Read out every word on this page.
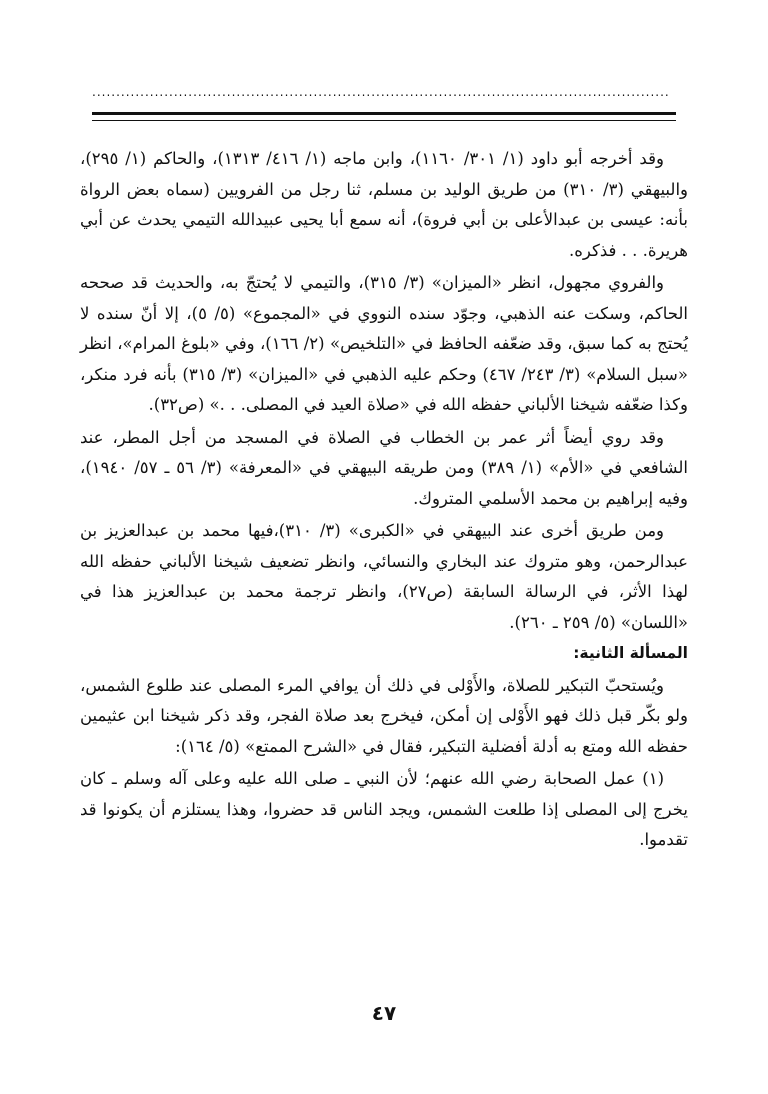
........................................................................................................................

وقد أخرجه أبو داود (١/ ٣٠١/ ١١٦٠)، وابن ماجه (١/ ٤١٦/ ١٣١٣)، والحاكم (١/ ٢٩٥)، والبيهقي (٣/ ٣١٠) من طريق الوليد بن مسلم، ثنا رجل من الفرويين (سماه بعض الرواة بأنه: عيسى بن عبدالأعلى بن أبي فروة)، أنه سمع أبا يحيى عبيدالله التيمي يحدث عن أبي هريرة. . . فذكره.

والفروي مجهول، انظر «الميزان» (٣/ ٣١٥)، والتيمي لا يُحتجّ به، والحديث قد صححه الحاكم، وسكت عنه الذهبي، وجوّد سنده النووي في «المجموع» (٥/ ٥)، إلا أنّ سنده لا يُحتج به كما سبق، وقد ضعّفه الحافظ في «التلخيص» (٢/ ١٦٦)، وفي «بلوغ المرام»، انظر «سبل السلام» (٣/ ٢٤٣/ ٤٦٧) وحكم عليه الذهبي في «الميزان» (٣/ ٣١٥) بأنه فرد منكر، وكذا ضعّفه شيخنا الألباني حفظه الله في «صلاة العيد في المصلى. . .» (ص٣٢).

وقد روي أيضاً أثر عمر بن الخطاب في الصلاة في المسجد من أجل المطر، عند الشافعي في «الأم» (١/ ٣٨٩) ومن طريقه البيهقي في «المعرفة» (٣/ ٥٦ ـ ٥٧/ ١٩٤٠)، وفيه إبراهيم بن محمد الأسلمي المتروك.

ومن طريق أخرى عند البيهقي في «الكبرى» (٣/ ٣١٠)،فيها محمد بن عبدالعزيز بن عبدالرحمن، وهو متروك عند البخاري والنسائي، وانظر تضعيف شيخنا الألباني حفظه الله لهذا الأثر، في الرسالة السابقة (ص٢٧)، وانظر ترجمة محمد بن عبدالعزيز هذا في «اللسان» (٥/ ٢٥٩ ـ ٢٦٠).

المسألة الثانية:

ويُستحبّ التبكير للصلاة، والأَوْلى في ذلك أن يوافي المرء المصلى عند طلوع الشمس، ولو بكّر قبل ذلك فهو الأَوْلى إن أمكن، فيخرج بعد صلاة الفجر، وقد ذكر شيخنا ابن عثيمين حفظه الله ومتع به أدلة أفضلية التبكير، فقال في «الشرح الممتع» (٥/ ١٦٤):

(١) عمل الصحابة رضي الله عنهم؛ لأن النبي ـ صلى الله عليه وعلى آله وسلم ـ كان يخرج إلى المصلى إذا طلعت الشمس، ويجد الناس قد حضروا، وهذا يستلزم أن يكونوا قد تقدموا.

٤٧
